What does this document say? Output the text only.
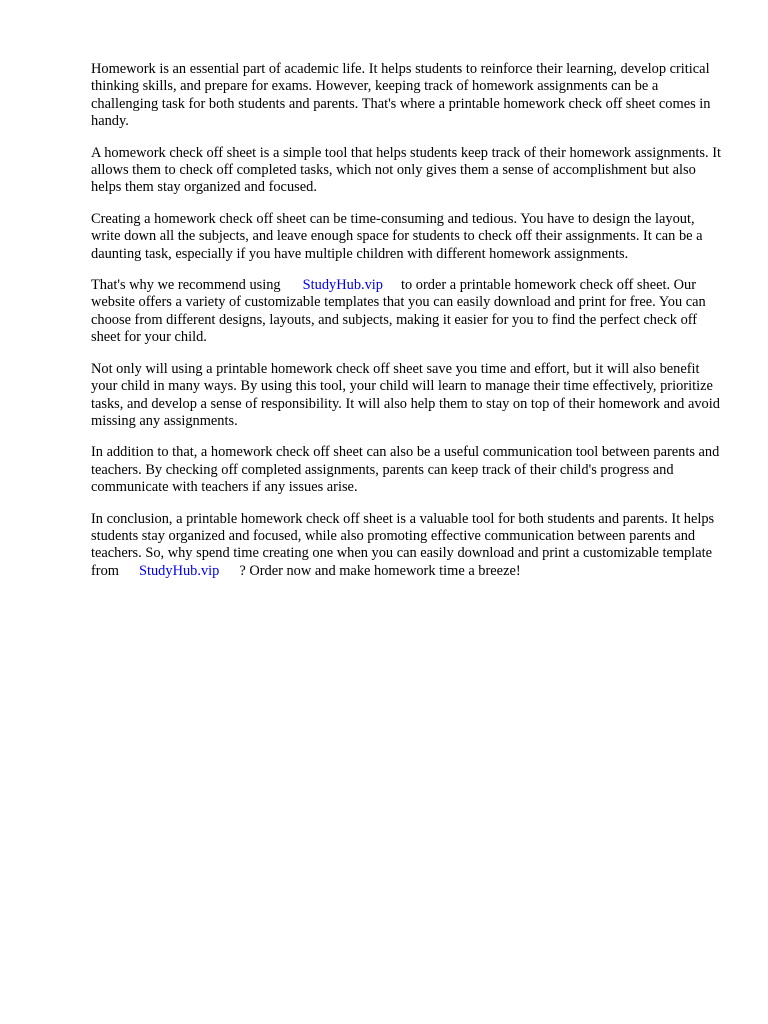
Homework is an essential part of academic life. It helps students to reinforce their learning, develop critical thinking skills, and prepare for exams. However, keeping track of homework assignments can be a challenging task for both students and parents. That's where a printable homework check off sheet comes in handy.

A homework check off sheet is a simple tool that helps students keep track of their homework assignments. It allows them to check off completed tasks, which not only gives them a sense of accomplishment but also helps them stay organized and focused.

Creating a homework check off sheet can be time-consuming and tedious. You have to design the layout, write down all the subjects, and leave enough space for students to check off their assignments. It can be a daunting task, especially if you have multiple children with different homework assignments.

That's why we recommend using StudyHub.vip to order a printable homework check off sheet. Our website offers a variety of customizable templates that you can easily download and print for free. You can choose from different designs, layouts, and subjects, making it easier for you to find the perfect check off sheet for your child.

Not only will using a printable homework check off sheet save you time and effort, but it will also benefit your child in many ways. By using this tool, your child will learn to manage their time effectively, prioritize tasks, and develop a sense of responsibility. It will also help them to stay on top of their homework and avoid missing any assignments.

In addition to that, a homework check off sheet can also be a useful communication tool between parents and teachers. By checking off completed assignments, parents can keep track of their child's progress and communicate with teachers if any issues arise.

In conclusion, a printable homework check off sheet is a valuable tool for both students and parents. It helps students stay organized and focused, while also promoting effective communication between parents and teachers. So, why spend time creating one when you can easily download and print a customizable template from StudyHub.vip ? Order now and make homework time a breeze!
